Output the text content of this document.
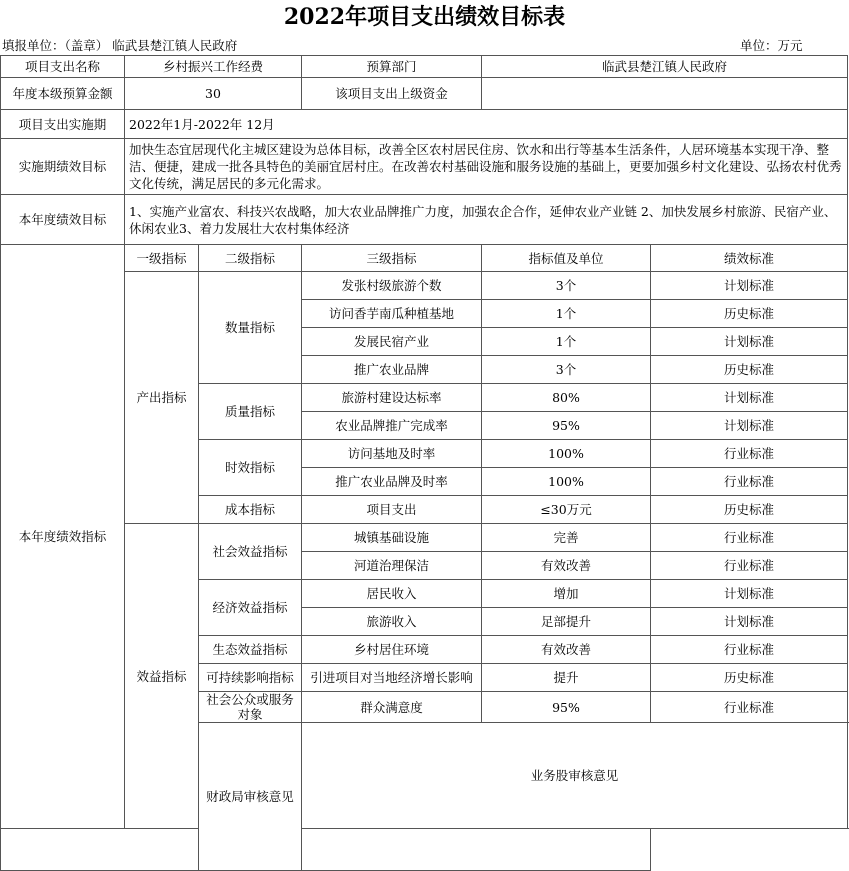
2022年项目支出绩效目标表
填报单位：（盖章） 临武县楚江镇人民政府	单位：万元
项目支出名称	乡村振兴工作经费		预算部门	临武县楚江镇人民政府		
年度本级预算金额	30		该项目支出上级资金			
项目支出实施期	2022年1月-2022年 12月					
实施期绩效目标	加快生态宜居现代化主城区建设为总体目标，改善全区农村居民住房、饮水和出行等基本生活条件，人居环境基本实现干净、整洁、便捷，建成一批各具特色的美丽宜居村庄。在改善农村基础设施和服务设施的基础上，更要加强乡村文化建设、弘扬农村优秀文化传统，满足居民的多元化需求。					
本年度绩效目标	1、实施产业富农、科技兴农战略，加大农业品牌推广力度，加强农企合作，延伸农业产业链 2、加快发展乡村旅游、民宿产业、休闲农业3、着力发展壮大农村集体经济					
本年度绩效指标	一级指标	二级指标	三级指标	指标值及单位	绩效标准	
	产出指标	数量指标	发张村级旅游个数	3个	计划标准	
			访问香芋南瓜种植基地	1个	历史标准	
			发展民宿产业	1个	计划标准	
			推广农业品牌	3个	历史标准	
		质量指标	旅游村建设达标率	80%	计划标准	
			农业品牌推广完成率	95%	计划标准	
		时效指标	访问基地及时率	100%	行业标准	
			推广农业品牌及时率	100%	行业标准	
		成本指标	项目支出	≤30万元	历史标准	
	效益指标	社会效益指标	城镇基础设施	完善	行业标准	
			河道治理保洁	有效改善	行业标准	
		经济效益指标	居民收入	增加	计划标准	
			旅游收入	足部提升	计划标准	
		生态效益指标	乡村居住环境	有效改善	行业标准	
		可持续影响指标	引进项目对当地经济增长影响	提升	历史标准	
		社会公众或服务对象	群众满意度	95%	行业标准	
		财政局审核意见	业务股审核意见	
